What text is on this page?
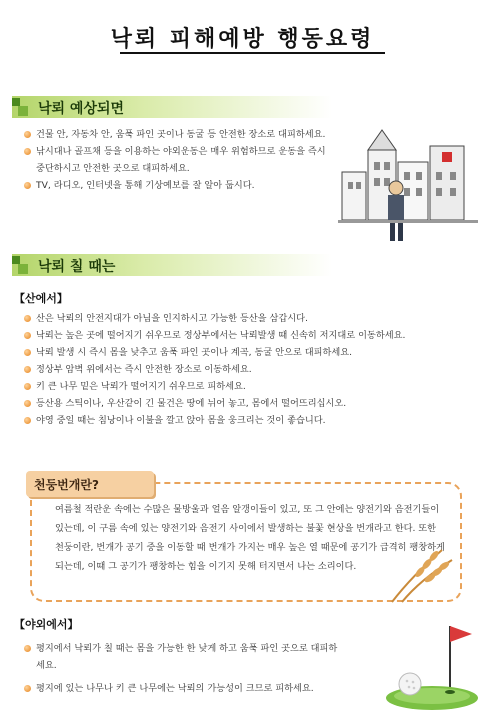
낙뢰 피해예방 행동요령
낙뢰 예상되면
건물 안, 자동차 안, 움푹 파인 곳이나 동굴 등 안전한 장소로 대피하세요.
낚시대나 골프채 등을 이용하는 야외운동은 매우 위험하므로 운동을 즉시 중단하시고 안전한 곳으로 대피하세요.
TV, 라디오, 인터넷을 통해 기상예보를 잘 알아 둡시다.
낙뢰 칠 때는
【산에서】
산은 낙뢰의 안전지대가 아님을 인지하시고 가능한 등산을 삼갑시다.
낙뢰는 높은 곳에 떨어지기 쉬우므로 정상부에서는 낙뢰발생 때 신속히 저지대로 이동하세요.
낙뢰 발생 시 즉시 몸을 낮추고 움푹 파인 곳이나 계곡, 동굴 안으로 대피하세요.
정상부 암벽 위에서는 즉시 안전한 장소로 이동하세요.
키 큰 나무 밑은 낙뢰가 떨어지기 쉬우므로 피하세요.
등산용 스틱이나, 우산같이 긴 물건은 땅에 뉘어 놓고, 몸에서 떨어뜨리십시오.
야영 중일 때는 침낭이나 이불을 깔고 앉아 몸을 웅크리는 것이 좋습니다.
천둥번개란?
여름철 적란운 속에는 수많은 물방울과 얼음 알갱이들이 있고, 또 그 안에는 양전기와 음전기들이 있는데, 이 구름 속에 있는 양전기와 음전기 사이에서 발생하는 불꽃 현상을 번개라고 한다. 또한 천둥이란, 번개가 공기 중을 이동할 때 번개가 가지는 매우 높은 열 때문에 공기가 급격히 팽창하게 되는데, 이때 그 공기가 팽창하는 힘을 이기지 못해 터지면서 나는 소리이다.
【야외에서】
평지에서 낙뢰가 칠 때는 몸을 가능한 한 낮게 하고 움푹 파인 곳으로 대피하세요.
평지에 있는 나무나 키 큰 나무에는 낙뢰의 가능성이 크므로 피하세요.
